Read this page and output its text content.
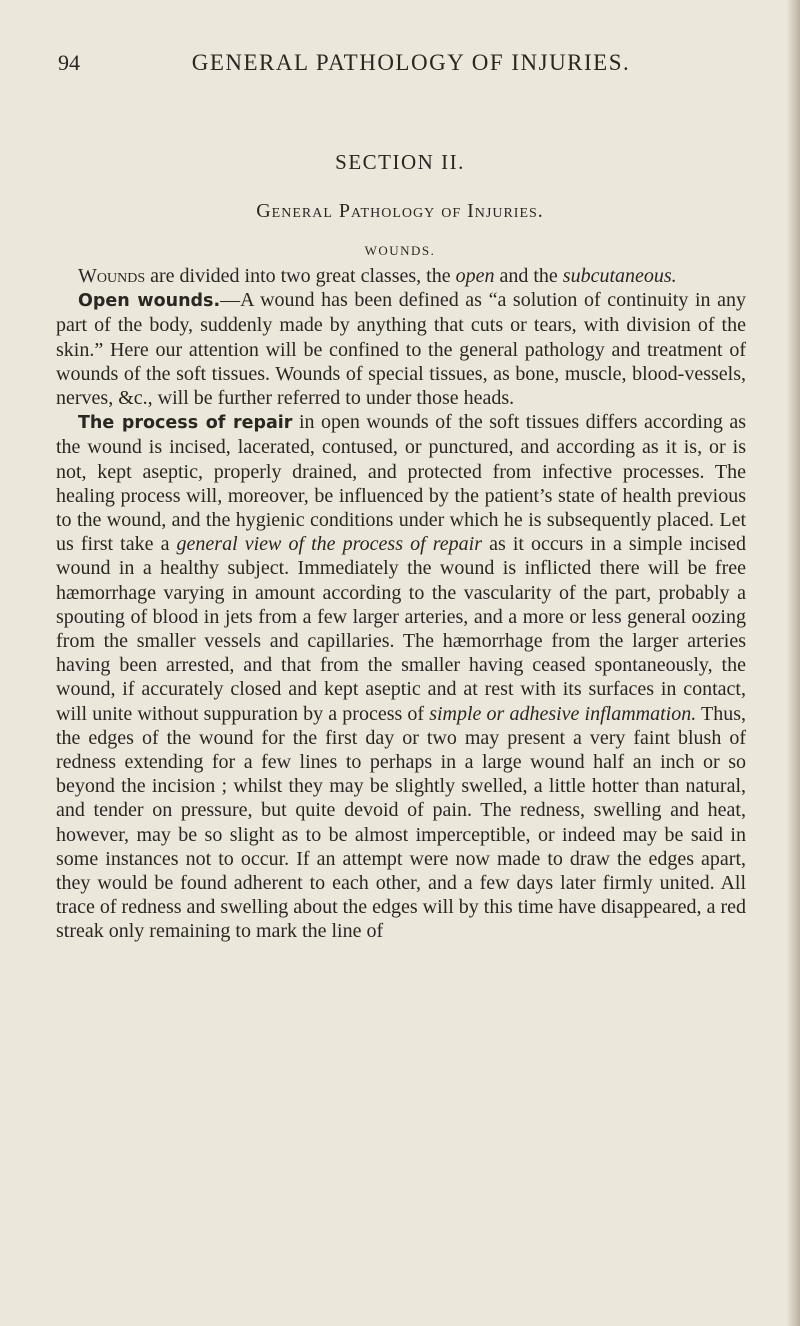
94	GENERAL PATHOLOGY OF INJURIES.
SECTION II.
General Pathology of Injuries.
WOUNDS.

Wounds are divided into two great classes, the open and the subcutaneous.

Open wounds.—A wound has been defined as “a solution of continuity in any part of the body, suddenly made by anything that cuts or tears, with division of the skin.” Here our attention will be confined to the general pathology and treatment of wounds of the soft tissues. Wounds of special tissues, as bone, muscle, blood-vessels, nerves, &c., will be further referred to under those heads.

The process of repair in open wounds of the soft tissues differs according as the wound is incised, lacerated, contused, or punctured, and according as it is, or is not, kept aseptic, properly drained, and protected from infective processes. The healing process will, moreover, be influenced by the patient’s state of health previous to the wound, and the hygienic conditions under which he is subsequently placed. Let us first take a general view of the process of repair as it occurs in a simple incised wound in a healthy subject. Immediately the wound is inflicted there will be free hæmorrhage varying in amount according to the vascularity of the part, probably a spouting of blood in jets from a few larger arteries, and a more or less general oozing from the smaller vessels and capillaries. The hæmorrhage from the larger arteries having been arrested, and that from the smaller having ceased spontaneously, the wound, if accurately closed and kept aseptic and at rest with its surfaces in contact, will unite without suppuration by a process of simple or adhesive inflammation. Thus, the edges of the wound for the first day or two may present a very faint blush of redness extending for a few lines to perhaps in a large wound half an inch or so beyond the incision ; whilst they may be slightly swelled, a little hotter than natural, and tender on pressure, but quite devoid of pain. The redness, swelling and heat, however, may be so slight as to be almost imperceptible, or indeed may be said in some instances not to occur. If an attempt were now made to draw the edges apart, they would be found adherent to each other, and a few days later firmly united. All trace of redness and swelling about the edges will by this time have disappeared, a red streak only remaining to mark the line of
